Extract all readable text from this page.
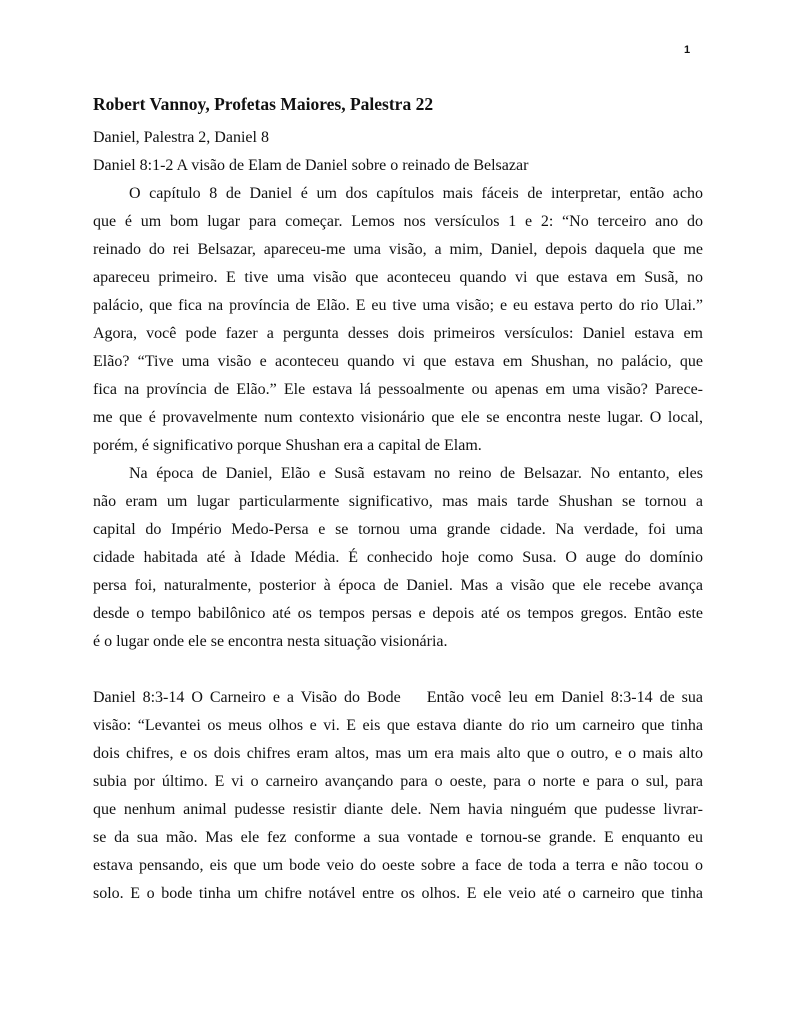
1
Robert Vannoy, Profetas Maiores, Palestra 22
Daniel, Palestra 2, Daniel 8
Daniel 8:1-2 A visão de Elam de Daniel sobre o reinado de Belsazar
O capítulo 8 de Daniel é um dos capítulos mais fáceis de interpretar, então acho
que é um bom lugar para começar. Lemos nos versículos 1 e 2: “No terceiro ano do
reinado do rei Belsazar, apareceu-me uma visão, a mim, Daniel, depois daquela que me
apareceu primeiro. E tive uma visão que aconteceu quando vi que estava em Susã, no
palácio, que fica na província de Elão. E eu tive uma visão; e eu estava perto do rio Ulai.”
Agora, você pode fazer a pergunta desses dois primeiros versículos: Daniel estava em
Elão? “Tive uma visão e aconteceu quando vi que estava em Shushan, no palácio, que
fica na província de Elão.” Ele estava lá pessoalmente ou apenas em uma visão? Parece-
me que é provavelmente num contexto visionário que ele se encontra neste lugar. O local,
porém, é significativo porque Shushan era a capital de Elam.
Na época de Daniel, Elão e Susã estavam no reino de Belsazar. No entanto, eles
não eram um lugar particularmente significativo, mas mais tarde Shushan se tornou a
capital do Império Medo-Persa e se tornou uma grande cidade. Na verdade, foi uma
cidade habitada até à Idade Média. É conhecido hoje como Susa. O auge do domínio
persa foi, naturalmente, posterior à época de Daniel. Mas a visão que ele recebe avança
desde o tempo babilônico até os tempos persas e depois até os tempos gregos. Então este
é o lugar onde ele se encontra nesta situação visionária.
Daniel 8:3-14 O Carneiro e a Visão do Bode Então você leu em Daniel 8:3-14 de sua
visão: “Levantei os meus olhos e vi. E eis que estava diante do rio um carneiro que tinha
dois chifres, e os dois chifres eram altos, mas um era mais alto que o outro, e o mais alto
subia por último. E vi o carneiro avançando para o oeste, para o norte e para o sul, para
que nenhum animal pudesse resistir diante dele. Nem havia ninguém que pudesse livrar-
se da sua mão. Mas ele fez conforme a sua vontade e tornou-se grande. E enquanto eu
estava pensando, eis que um bode veio do oeste sobre a face de toda a terra e não tocou o
solo. E o bode tinha um chifre notável entre os olhos. E ele veio até o carneiro que tinha
